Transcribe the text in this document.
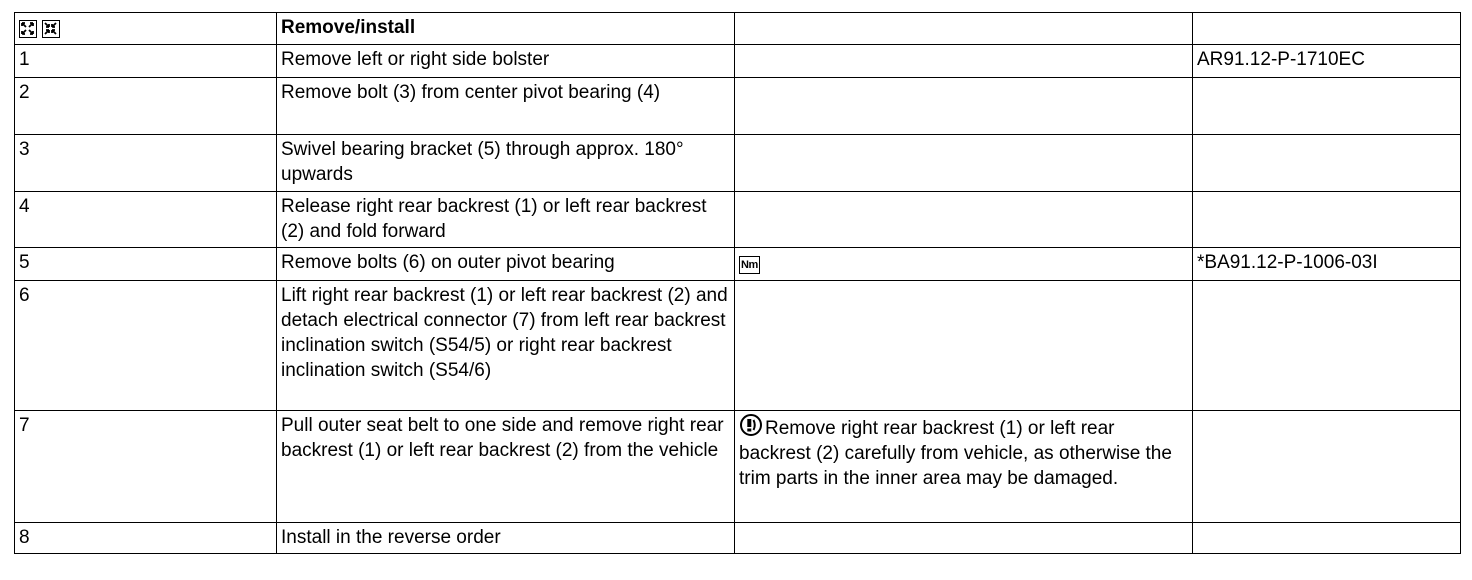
	Remove/install		
1	Remove left or right side bolster		AR91.12-P-1710EC
2	Remove bolt (3) from center pivot bearing (4)		
3	Swivel bearing bracket (5) through approx. 180° upwards		
4	Release right rear backrest (1) or left rear backrest (2) and fold forward		
5	Remove bolts (6) on outer pivot bearing	Nm	*BA91.12-P-1006-03I
6	Lift right rear backrest (1) or left rear backrest (2) and detach electrical connector (7) from left rear backrest inclination switch (S54/5) or right rear backrest inclination switch (S54/6)		
7	Pull outer seat belt to one side and remove right rear backrest (1) or left rear backrest (2) from the vehicle	Remove right rear backrest (1) or left rear backrest (2) carefully from vehicle, as otherwise the trim parts in the inner area may be damaged.	
8	Install in the reverse order		
